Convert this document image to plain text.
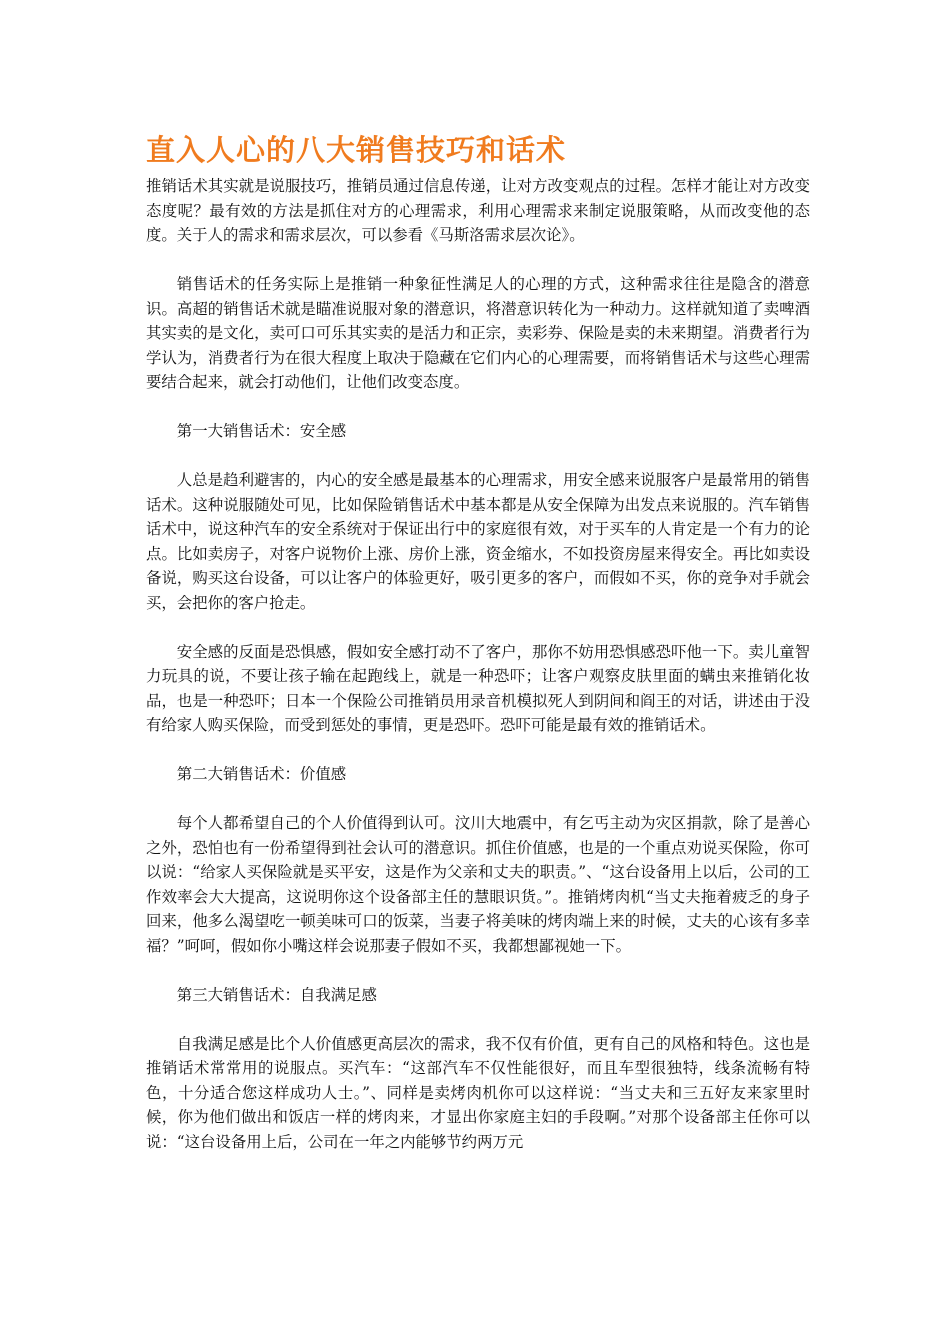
直入人心的八大销售技巧和话术

推销话术其实就是说服技巧，推销员通过信息传递，让对方改变观点的过程。怎样才能让对方改变态度呢？最有效的方法是抓住对方的心理需求，利用心理需求来制定说服策略，从而改变他的态度。关于人的需求和需求层次，可以参看《马斯洛需求层次论》。

销售话术的任务实际上是推销一种象征性满足人的心理的方式，这种需求往往是隐含的潜意识。高超的销售话术就是瞄准说服对象的潜意识，将潜意识转化为一种动力。这样就知道了卖啤酒其实卖的是文化，卖可口可乐其实卖的是活力和正宗，卖彩券、保险是卖的未来期望。消费者行为学认为，消费者行为在很大程度上取决于隐藏在它们内心的心理需要，而将销售话术与这些心理需要结合起来，就会打动他们，让他们改变态度。

第一大销售话术：安全感

人总是趋利避害的，内心的安全感是最基本的心理需求，用安全感来说服客户是最常用的销售话术。这种说服随处可见，比如保险销售话术中基本都是从安全保障为出发点来说服的。汽车销售话术中，说这种汽车的安全系统对于保证出行中的家庭很有效，对于买车的人肯定是一个有力的论点。比如卖房子，对客户说物价上涨、房价上涨，资金缩水，不如投资房屋来得安全。再比如卖设备说，购买这台设备，可以让客户的体验更好，吸引更多的客户，而假如不买，你的竞争对手就会买，会把你的客户抢走。

安全感的反面是恐惧感，假如安全感打动不了客户，那你不妨用恐惧感恐吓他一下。卖儿童智力玩具的说，不要让孩子输在起跑线上，就是一种恐吓；让客户观察皮肤里面的螨虫来推销化妆品，也是一种恐吓；日本一个保险公司推销员用录音机模拟死人到阴间和阎王的对话，讲述由于没有给家人购买保险，而受到惩处的事情，更是恐吓。恐吓可能是最有效的推销话术。

第二大销售话术：价值感

每个人都希望自己的个人价值得到认可。汶川大地震中，有乞丐主动为灾区捐款，除了是善心之外，恐怕也有一份希望得到社会认可的潜意识。抓住价值感，也是的一个重点劝说买保险，你可以说：“给家人买保险就是买平安，这是作为父亲和丈夫的职责。”、“这台设备用上以后，公司的工作效率会大大提高，这说明你这个设备部主任的慧眼识货。”。推销烤肉机“当丈夫拖着疲乏的身子回来，他多么渴望吃一顿美味可口的饭菜，当妻子将美味的烤肉端上来的时候，丈夫的心该有多幸福？”呵呵，假如你小嘴这样会说那妻子假如不买，我都想鄙视她一下。

第三大销售话术：自我满足感

自我满足感是比个人价值感更高层次的需求，我不仅有价值，更有自己的风格和特色。这也是推销话术常常用的说服点。买汽车：“这部汽车不仅性能很好，而且车型很独特，线条流畅有特色，十分适合您这样成功人士。”、同样是卖烤肉机你可以这样说：“当丈夫和三五好友来家里时候，你为他们做出和饭店一样的烤肉来，才显出你家庭主妇的手段啊。”对那个设备部主任你可以说：“这台设备用上后，公司在一年之内能够节约两万元
